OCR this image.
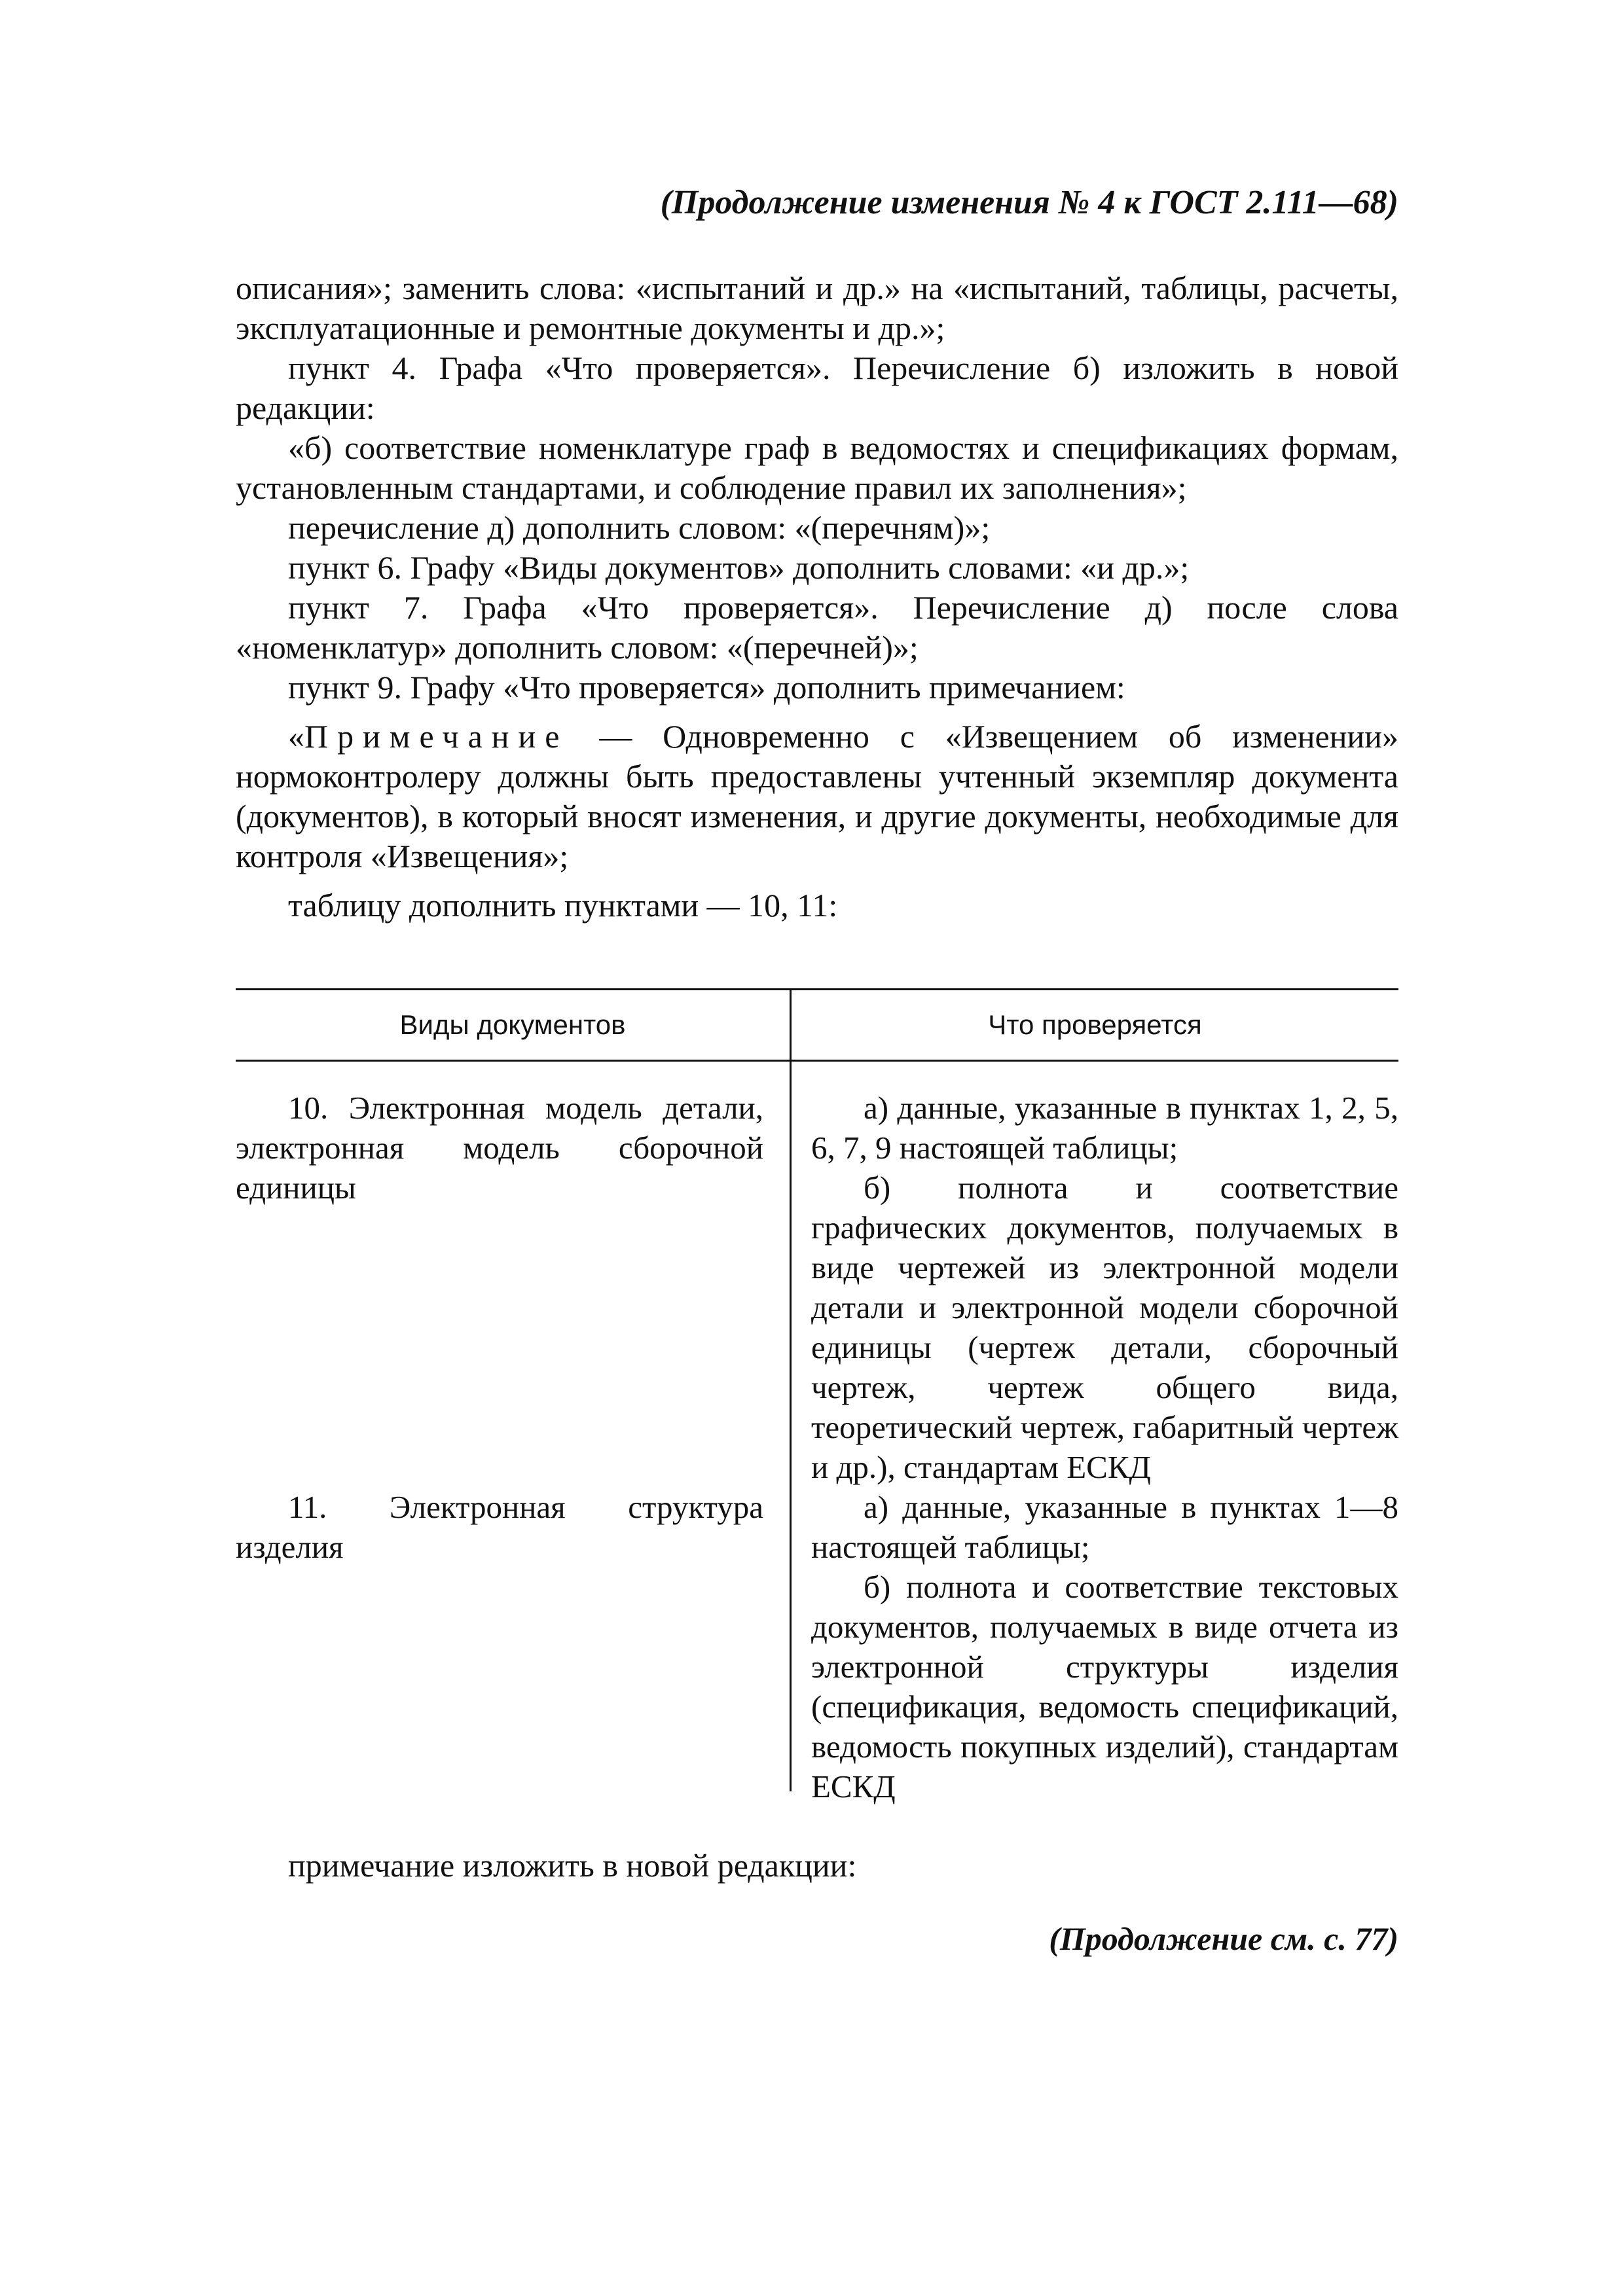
(Продолжение изменения № 4 к ГОСТ 2.111—68)

описания»; заменить слова: «испытаний и др.» на «испытаний, таблицы, расчеты, эксплуатационные и ремонтные документы и др.»;

пункт 4. Графа «Что проверяется». Перечисление б) изложить в новой редакции:

«б) соответствие номенклатуре граф в ведомостях и спецификациях формам, установленным стандартами, и соблюдение правил их заполнения»;

перечисление д) дополнить словом: «(перечням)»;

пункт 6. Графу «Виды документов» дополнить словами: «и др.»;

пункт 7. Графа «Что проверяется». Перечисление д) после слова «номенклатур» дополнить словом: «(перечней)»;

пункт 9. Графу «Что проверяется» дополнить примечанием:

«Примечание — Одновременно с «Извещением об изменении» нормоконтролеру должны быть предоставлены учтенный экземпляр документа (документов), в который вносят изменения, и другие документы, необходимые для контроля «Извещения»;

таблицу дополнить пунктами — 10, 11:

Виды документов	Что проверяется
10. Электронная модель детали, электронная модель сборочной единицы
11. Электронная структура изделия

а) данные, указанные в пунктах 1, 2, 5, 6, 7, 9 настоящей таблицы;

б) полнота и соответствие графических документов, получаемых в виде чертежей из электронной модели детали и электронной модели сборочной единицы (чертеж детали, сборочный чертеж, чертеж общего вида, теоретический чертеж, габаритный чертеж и др.), стандартам ЕСКД

а) данные, указанные в пунктах 1—8 настоящей таблицы;

б) полнота и соответствие текстовых документов, получаемых в виде отчета из электронной структуры изделия (спецификация, ведомость спецификаций, ведомость покупных изделий), стандартам ЕСКД

примечание изложить в новой редакции:

(Продолжение см. с. 77)
